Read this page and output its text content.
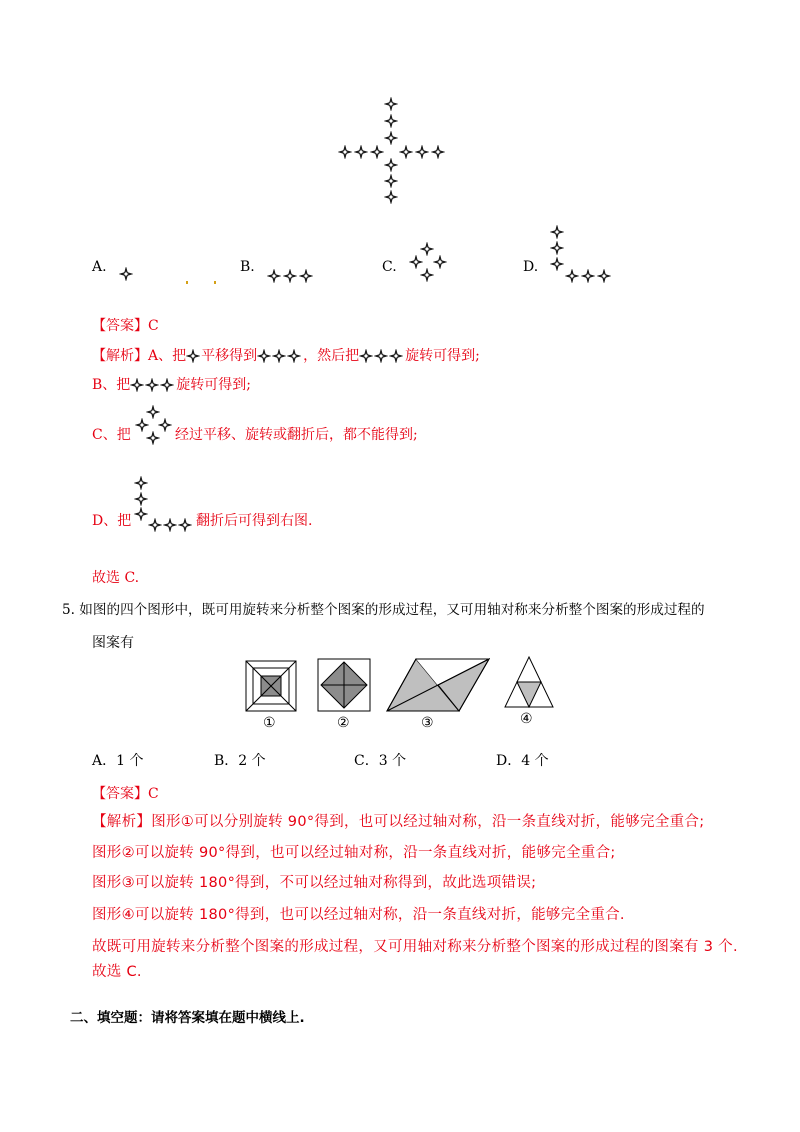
A.	B.	C.	D.
【答案】C
【解析】A、把 平移得到	，然后把	旋转可得到;
B、把	旋转可得到;
C、把	经过平移、旋转或翻折后，都不能得到;
D、把	翻折后可得到右图.
故选 C.
5. 如图的四个图形中，既可用旋转来分析整个图案的形成过程，又可用轴对称来分析整个图案的形成过程的
图案有
①	②	③	④
A．1 个	B．2 个	C．3 个	D．4 个
【答案】C
【解析】图形①可以分别旋转 90°得到，也可以经过轴对称，沿一条直线对折，能够完全重合;
图形②可以旋转 90°得到，也可以经过轴对称，沿一条直线对折，能够完全重合;
图形③可以旋转 180°得到，不可以经过轴对称得到，故此选项错误;
图形④可以旋转 180°得到，也可以经过轴对称，沿一条直线对折，能够完全重合.
故既可用旋转来分析整个图案的形成过程，又可用轴对称来分析整个图案的形成过程的图案有 3 个.
故选 C.
二、填空题：请将答案填在题中横线上.
